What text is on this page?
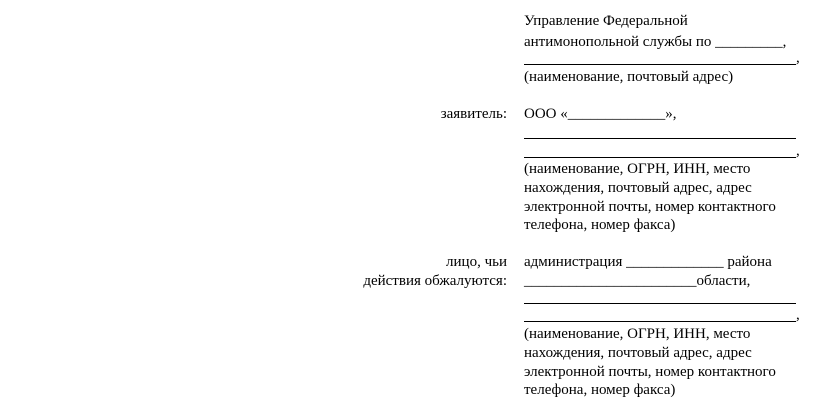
Управление Федеральной
антимонопольной службы по _________,
,
(наименование, почтовый адрес)
заявитель: ООО «_____________»,
,
(наименование, ОГРН, ИНН, место
нахождения, почтовый адрес, адрес
электронной почты, номер контактного
телефона, номер факса)
лицо, чьи
действия обжалуются:
администрация _____________ района
_______________________области,
,
(наименование, ОГРН, ИНН, место
нахождения, почтовый адрес, адрес
электронной почты, номер контактного
телефона, номер факса)
